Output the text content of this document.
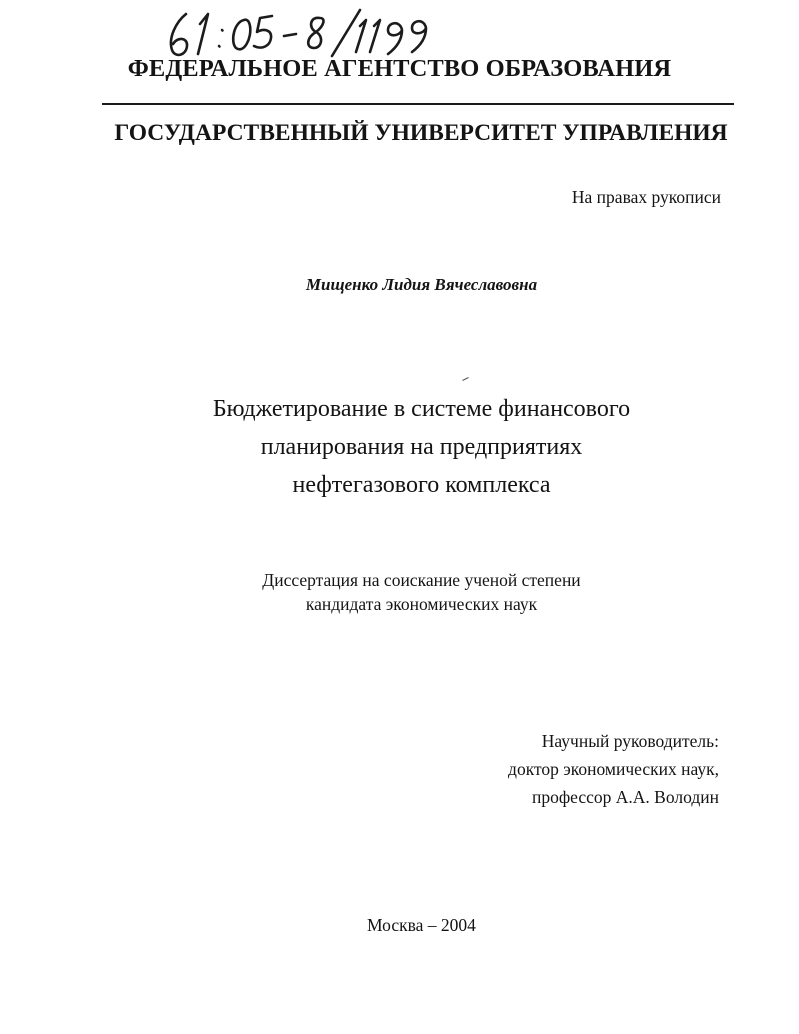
ФЕДЕРАЛЬНОЕ АГЕНТСТВО ОБРАЗОВАНИЯ
ГОСУДАРСТВЕННЫЙ УНИВЕРСИТЕТ УПРАВЛЕНИЯ
На правах рукописи
Мищенко Лидия Вячеславовна
Бюджетирование в системе финансового
планирования на предприятиях
нефтегазового комплекса
Диссертация на соискание ученой степени
кандидата экономических наук
Научный руководитель:
доктор экономических наук,
профессор А.А. Володин
Москва – 2004
